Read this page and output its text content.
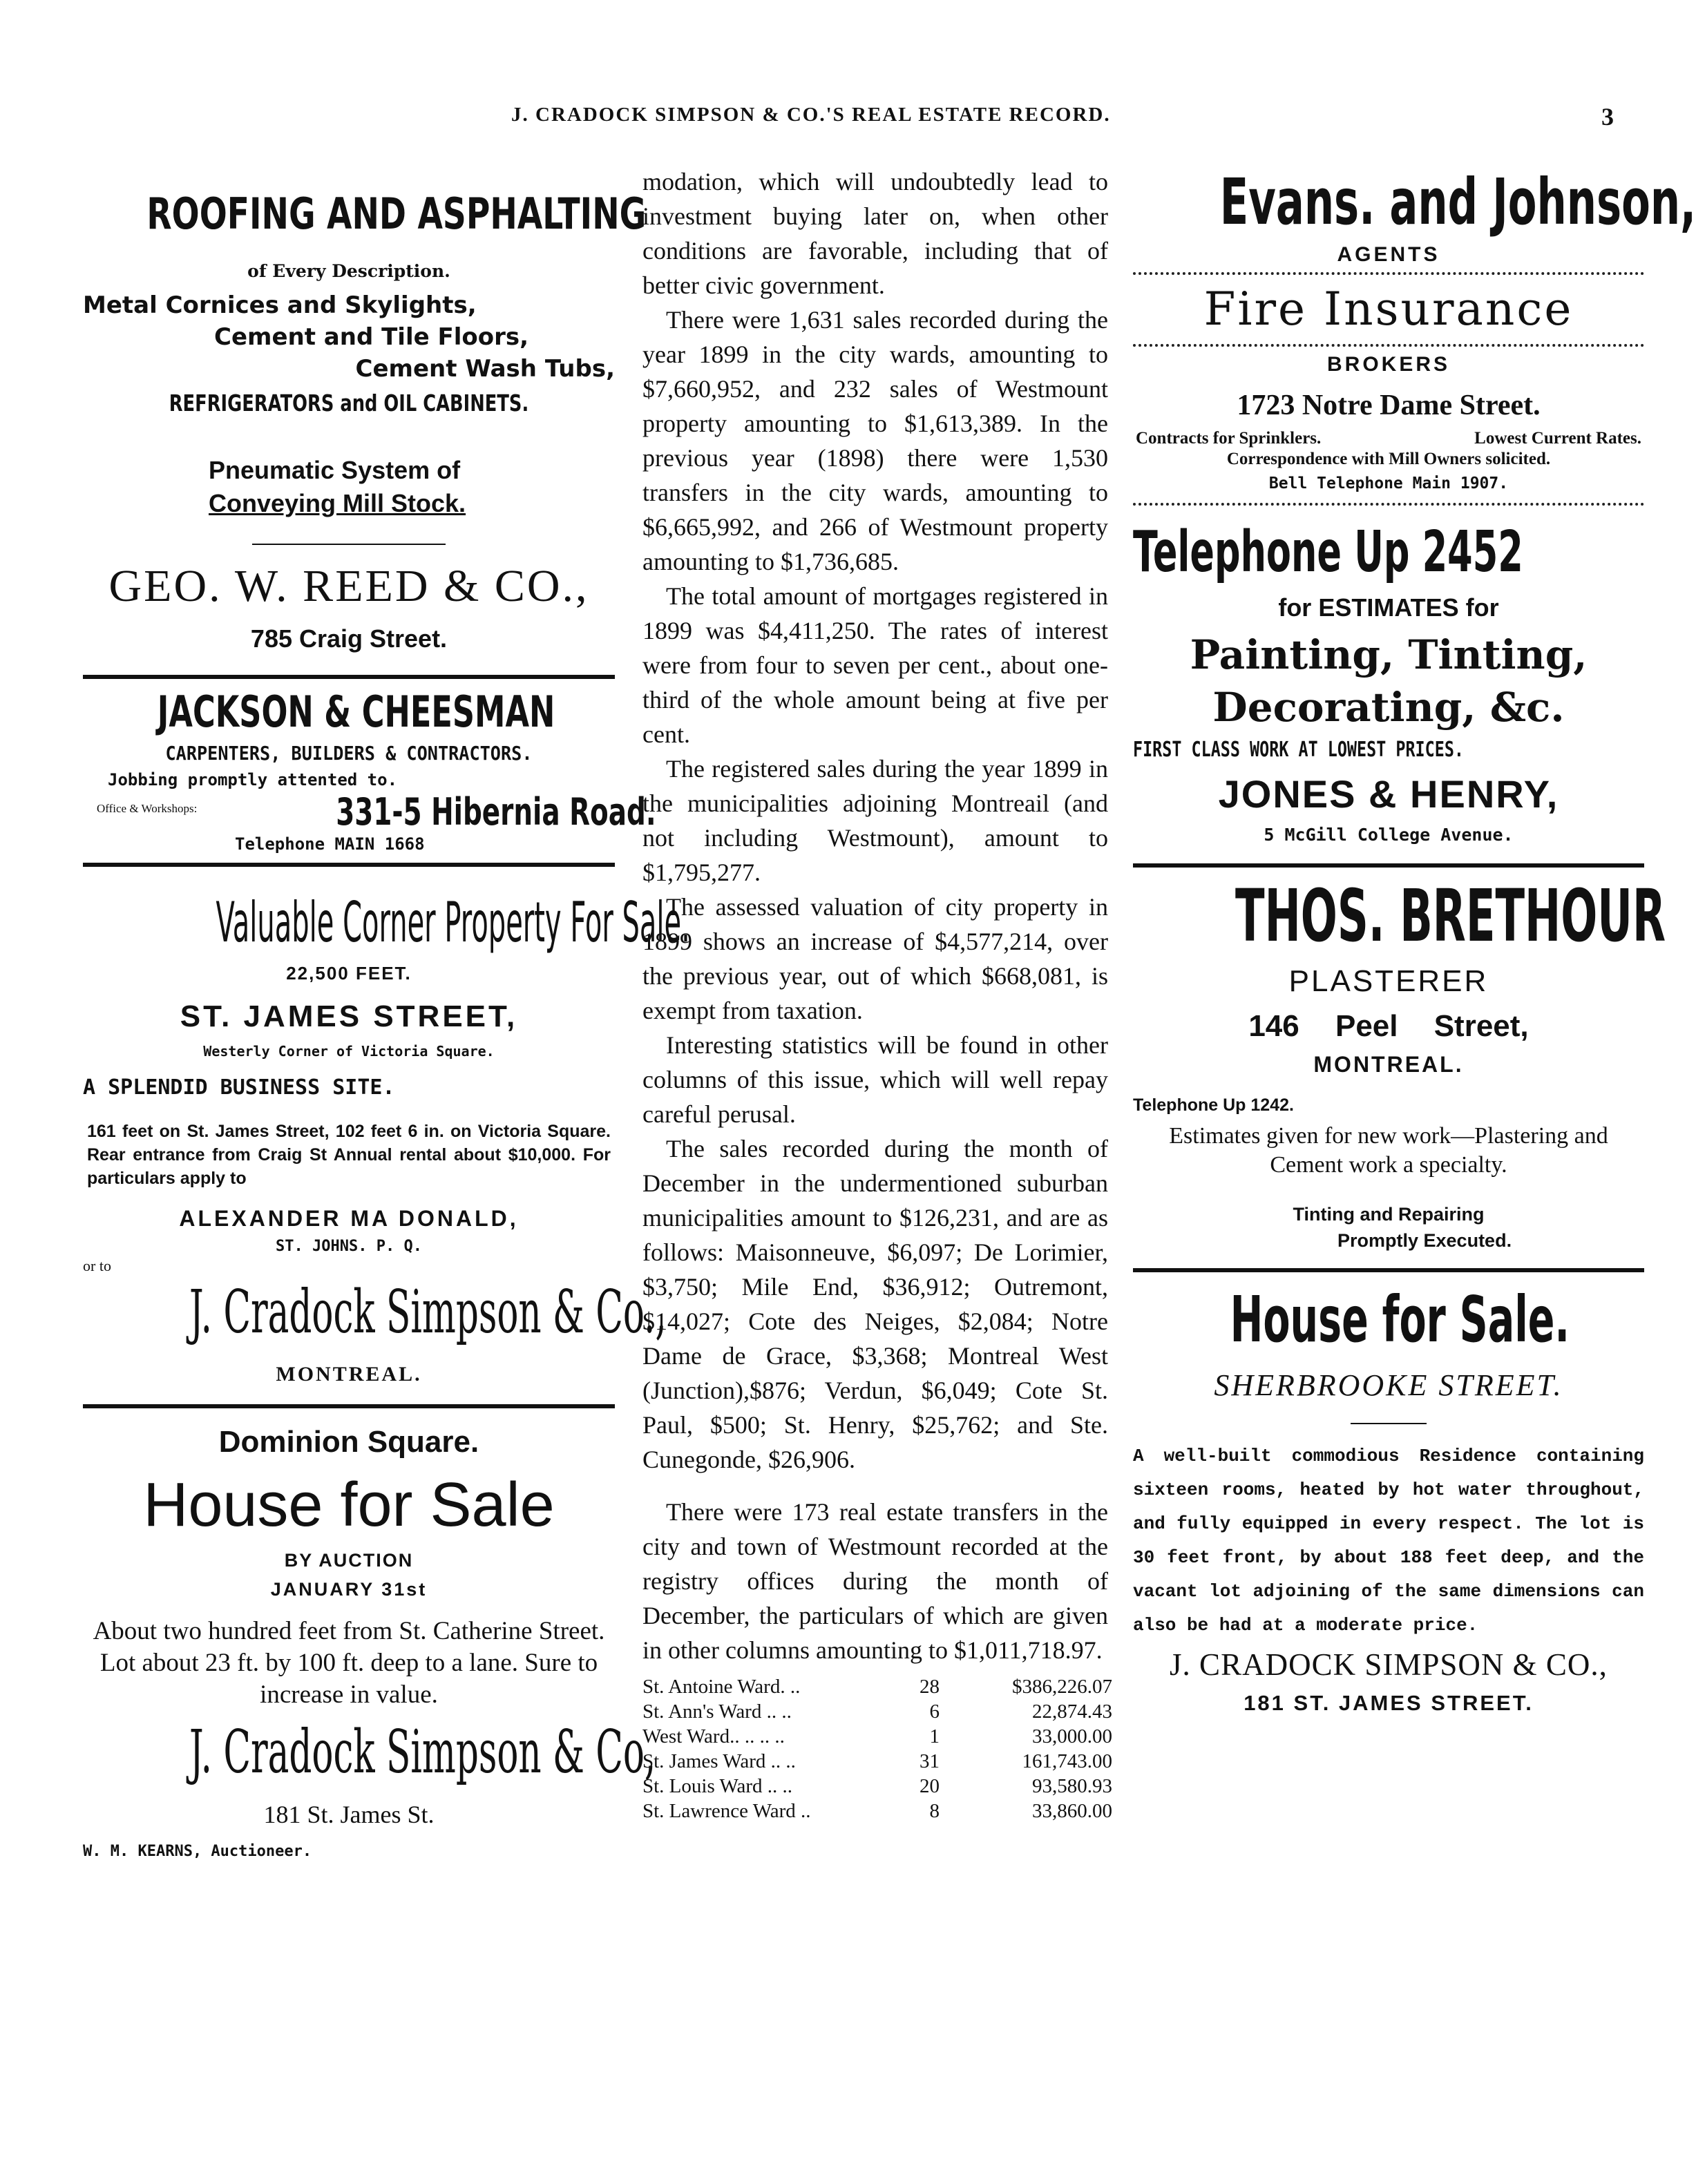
J. CRADOCK SIMPSON & CO.'S REAL ESTATE RECORD.	3
ROOFING AND ASPHALTING
of Every Description.
Metal Cornices and Skylights,
Cement and Tile Floors,
Cement Wash Tubs,
REFRIGERATORS and OIL CABINETS.
Pneumatic System of
Conveying Mill Stock.
GEO. W. REED & CO.,
785 Craig Street.
JACKSON & CHEESMAN
CARPENTERS, BUILDERS & CONTRACTORS.
Jobbing promptly attented to.
Office & Workshops:	331-5 Hibernia Road.
Telephone MAIN 1668
Valuable Corner Property For Sale.
22,500 FEET.
ST. JAMES STREET,
Westerly Corner of Victoria Square.
A SPLENDID BUSINESS SITE.
161 feet on St. James Street, 102 feet 6 in. on Victoria Square. Rear entrance from Craig St Annual rental about $10,000. For particulars apply to
ALEXANDER MA DONALD,
ST. JOHNS. P. Q.
or to
J. Cradock Simpson & Co.,
MONTREAL.
Dominion Square.
House for Sale
BY AUCTION
JANUARY 31st
About two hundred feet from St. Catherine Street. Lot about 23 ft. by 100 ft. deep to a lane. Sure to increase in value.
J. Cradock Simpson & Co,
181 St. James St.
W. M. KEARNS, Auctioneer.

modation, which will undoubtedly lead to investment buying later on, when other conditions are favorable, including that of better civic government.

There were 1,631 sales recorded during the year 1899 in the city wards, amounting to $7,660,952, and 232 sales of Westmount property amounting to $1,613,389. In the previous year (1898) there were 1,530 transfers in the city wards, amounting to $6,665,992, and 266 of Westmount property amounting to $1,736,685.

The total amount of mortgages registered in 1899 was $4,411,250. The rates of interest were from four to seven per cent., about one-third of the whole amount being at five per cent.

The registered sales during the year 1899 in the municipalities adjoining Montreail (and not including Westmount), amount to $1,795,277.

The assessed valuation of city property in 1899 shows an increase of $4,577,214, over the previous year, out of which $668,081, is exempt from taxation.

Interesting statistics will be found in other columns of this issue, which will well repay careful perusal.

The sales recorded during the month of December in the undermentioned suburban municipalities amount to $126,231, and are as follows: Maisonneuve, $6,097; De Lorimier, $3,750; Mile End, $36,912; Outremont, $14,027; Cote des Neiges, $2,084; Notre Dame de Grace, $3,368; Montreal West (Junction),$876; Verdun, $6,049; Cote St. Paul, $500; St. Henry, $25,762; and Ste. Cunegonde, $26,906.

There were 173 real estate transfers in the city and town of Westmount recorded at the registry offices during the month of December, the particulars of which are given in other columns amounting to $1,011,718.97.

St. Antoine Ward. ..	28	$386,226.07
St. Ann's Ward .. ..	6	22,874.43
West Ward.. .. .. ..	1	33,000.00
St. James Ward .. ..	31	161,743.00
St. Louis Ward .. ..	20	93,580.93
St. Lawrence Ward ..	8	33,860.00
Evans. and Johnson,
AGENTS
Fire Insurance
BROKERS
1723 Notre Dame Street.
Contracts for Sprinklers.	Lowest Current Rates.
Correspondence with Mill Owners solicited.
Bell Telephone Main 1907.
Telephone Up 2452
for ESTIMATES for
Painting, Tinting,
Decorating, &c.
FIRST CLASS WORK AT LOWEST PRICES.
JONES & HENRY,
5 McGill College Avenue.
THOS. BRETHOUR
PLASTERER
146 Peel Street,
MONTREAL.
Telephone Up 1242.
Estimates given for new work—Plastering and Cement work a specialty.
Tinting and Repairing
Promptly Executed.
House for Sale.
SHERBROOKE STREET.
A well-built commodious Residence containing sixteen rooms, heated by hot water throughout, and fully equipped in every respect. The lot is 30 feet front, by about 188 feet deep, and the vacant lot adjoining of the same dimensions can also be had at a moderate price.
J. CRADOCK SIMPSON & CO.,
181 ST. JAMES STREET.
